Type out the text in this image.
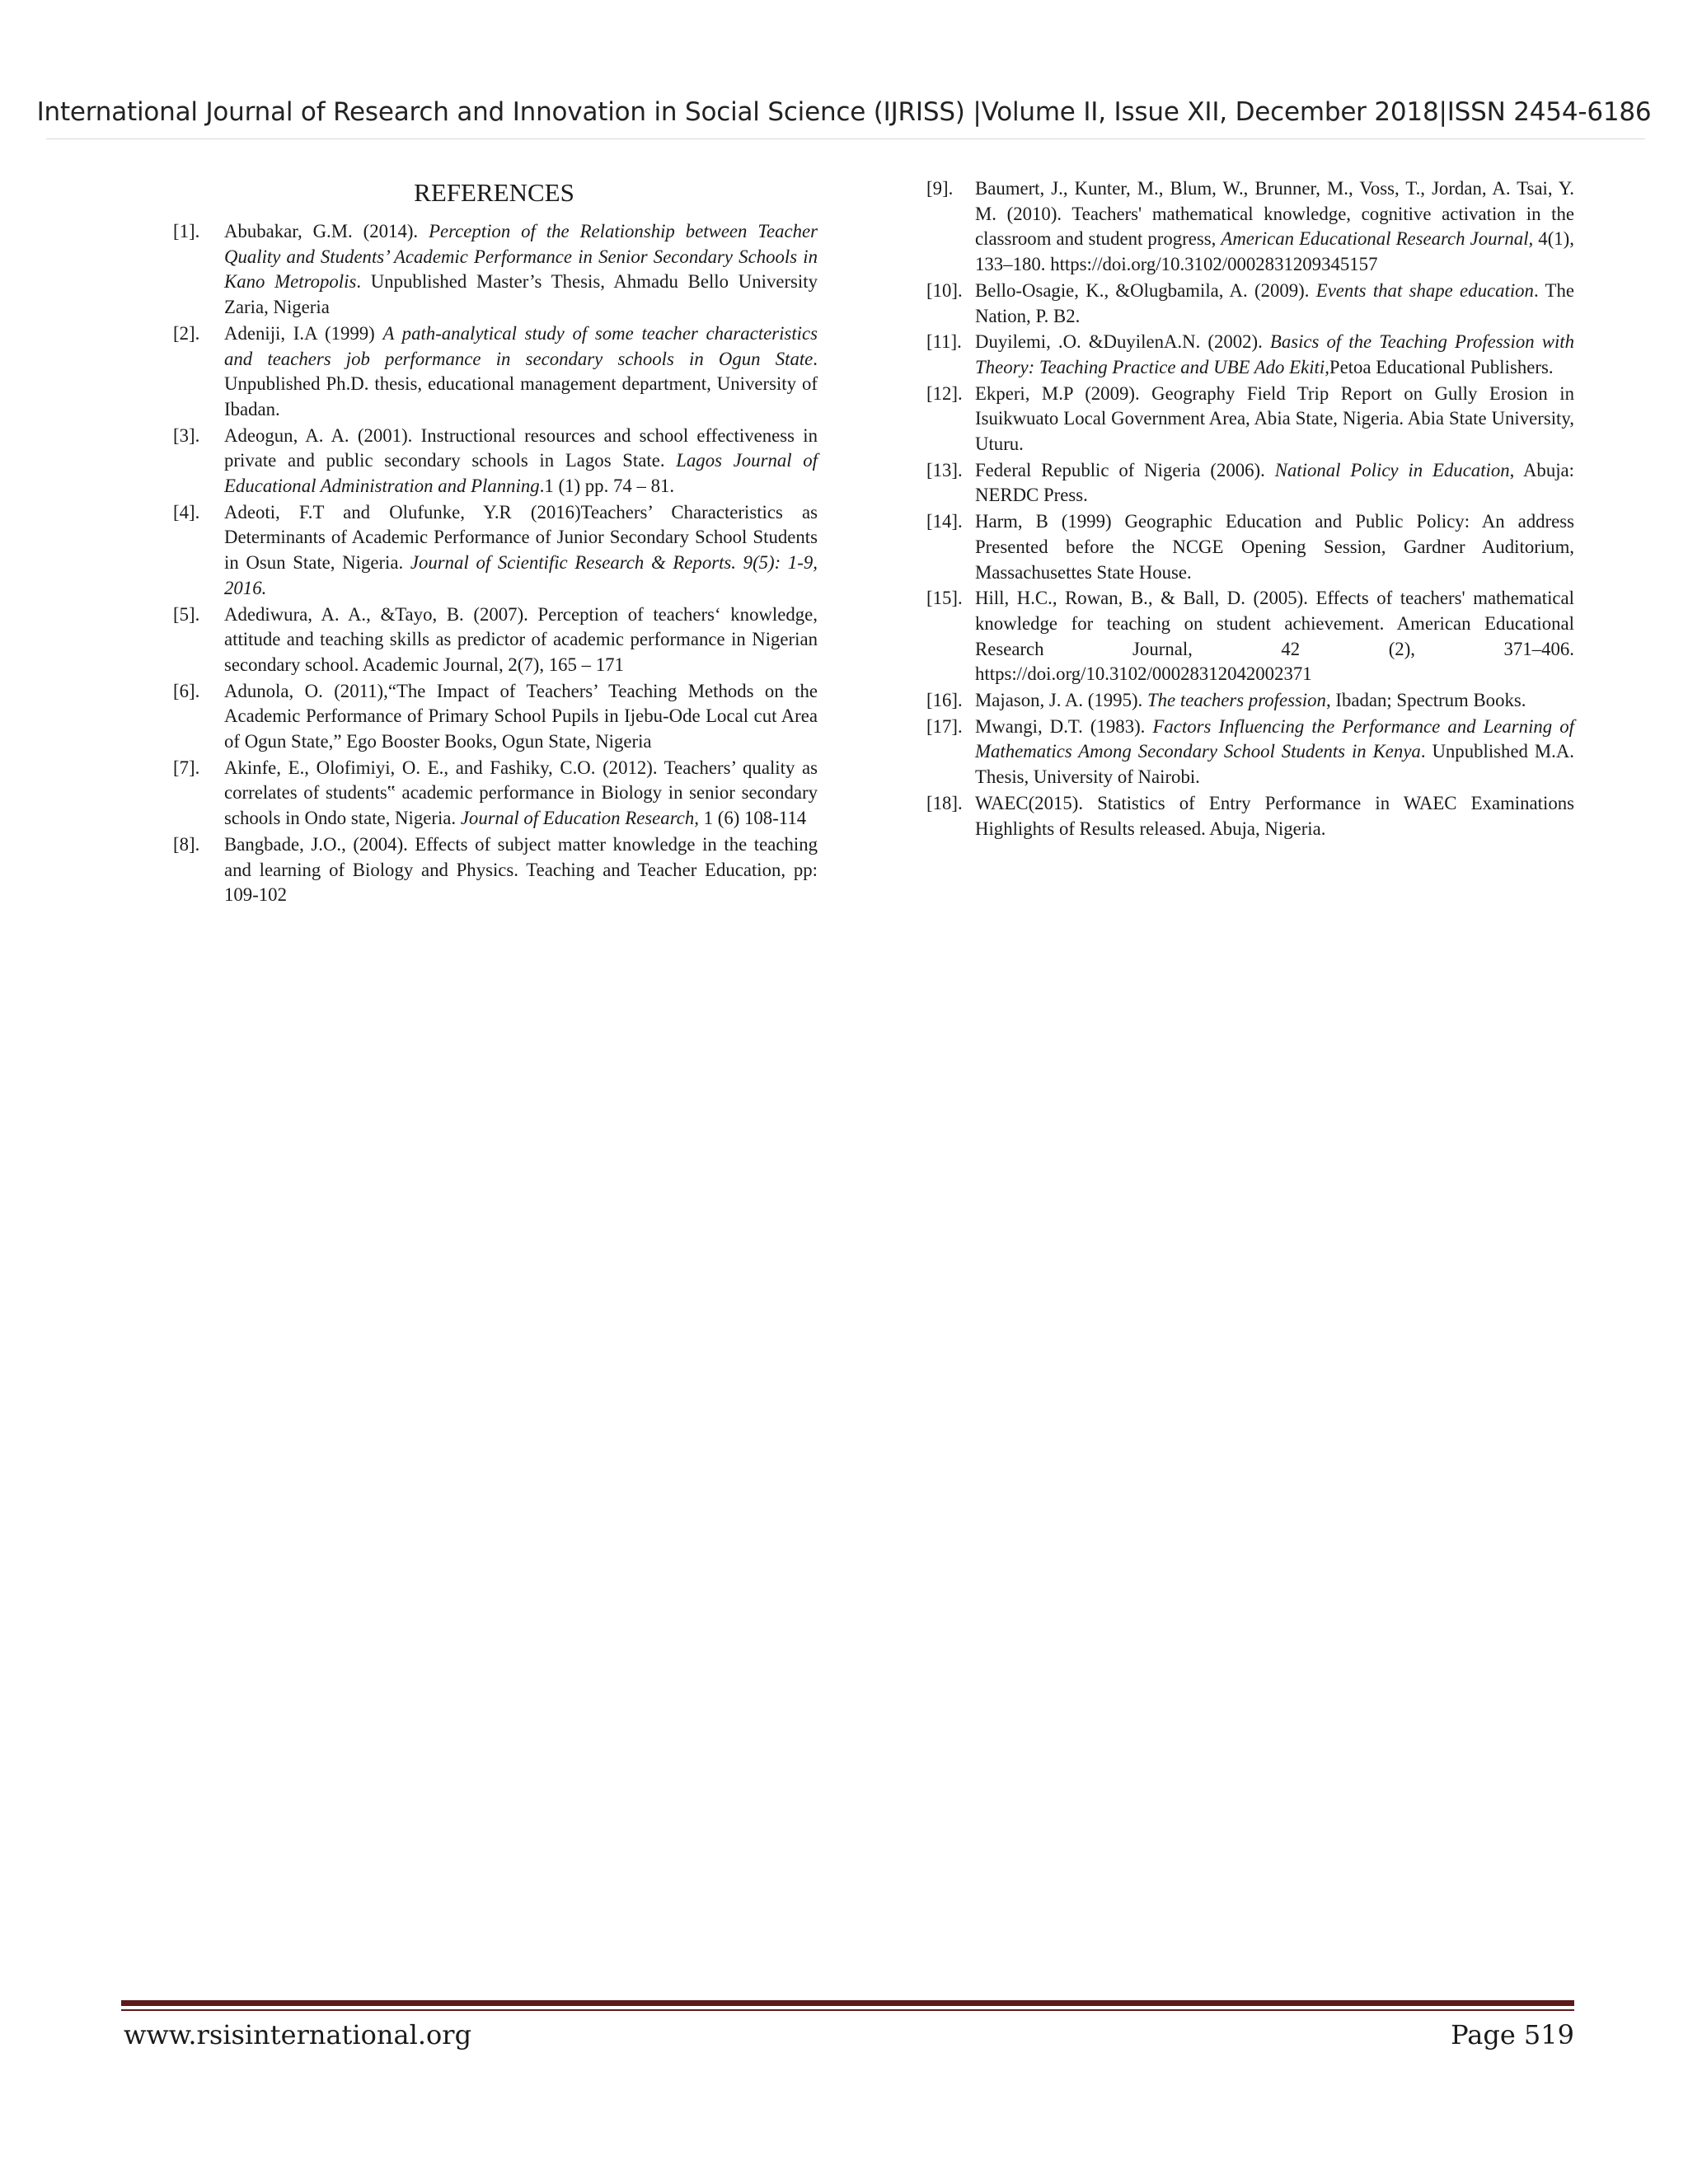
International Journal of Research and Innovation in Social Science (IJRISS) |Volume II, Issue XII, December 2018|ISSN 2454-6186
REFERENCES
[1]. Abubakar, G.M. (2014). Perception of the Relationship between Teacher Quality and Students’ Academic Performance in Senior Secondary Schools in Kano Metropolis. Unpublished Master’s Thesis, Ahmadu Bello University Zaria, Nigeria
[2]. Adeniji, I.A (1999) A path-analytical study of some teacher characteristics and teachers job performance in secondary schools in Ogun State. Unpublished Ph.D. thesis, educational management department, University of Ibadan.
[3]. Adeogun, A. A. (2001). Instructional resources and school effectiveness in private and public secondary schools in Lagos State. Lagos Journal of Educational Administration and Planning.1 (1) pp. 74 – 81.
[4]. Adeoti, F.T and Olufunke, Y.R (2016)Teachers’ Characteristics as Determinants of Academic Performance of Junior Secondary School Students in Osun State, Nigeria. Journal of Scientific Research & Reports. 9(5): 1-9, 2016.
[5]. Adediwura, A. A., &Tayo, B. (2007). Perception of teachers‘ knowledge, attitude and teaching skills as predictor of academic performance in Nigerian secondary school. Academic Journal, 2(7), 165 – 171
[6]. Adunola, O. (2011),“The Impact of Teachers’ Teaching Methods on the Academic Performance of Primary School Pupils in Ijebu-Ode Local cut Area of Ogun State,” Ego Booster Books, Ogun State, Nigeria
[7]. Akinfe, E., Olofimiyi, O. E., and Fashiky, C.O. (2012). Teachers’ quality as correlates of students‟ academic performance in Biology in senior secondary schools in Ondo state, Nigeria. Journal of Education Research, 1 (6) 108-114
[8]. Bangbade, J.O., (2004). Effects of subject matter knowledge in the teaching and learning of Biology and Physics. Teaching and Teacher Education, pp: 109-102
[9]. Baumert, J., Kunter, M., Blum, W., Brunner, M., Voss, T., Jordan, A. Tsai, Y. M. (2010). Teachers' mathematical knowledge, cognitive activation in the classroom and student progress, American Educational Research Journal, 4(1), 133–180. https://doi.org/10.3102/0002831209345157
[10]. Bello-Osagie, K., &Olugbamila, A. (2009). Events that shape education. The Nation, P. B2.
[11]. Duyilemi, .O. &DuyilenA.N. (2002). Basics of the Teaching Profession with Theory: Teaching Practice and UBE Ado Ekiti,Petoa Educational Publishers.
[12]. Ekperi, M.P (2009). Geography Field Trip Report on Gully Erosion in Isuikwuato Local Government Area, Abia State, Nigeria. Abia State University, Uturu.
[13]. Federal Republic of Nigeria (2006). National Policy in Education, Abuja: NERDC Press.
[14]. Harm, B (1999) Geographic Education and Public Policy: An address Presented before the NCGE Opening Session, Gardner Auditorium, Massachusettes State House.
[15]. Hill, H.C., Rowan, B., & Ball, D. (2005). Effects of teachers' mathematical knowledge for teaching on student achievement. American Educational Research Journal, 42 (2), 371–406. https://doi.org/10.3102/00028312042002371
[16]. Majason, J. A. (1995). The teachers profession, Ibadan; Spectrum Books.
[17]. Mwangi, D.T. (1983). Factors Influencing the Performance and Learning of Mathematics Among Secondary School Students in Kenya. Unpublished M.A. Thesis, University of Nairobi.
[18]. WAEC(2015). Statistics of Entry Performance in WAEC Examinations Highlights of Results released. Abuja, Nigeria.
www.rsisinternational.org	Page 519
